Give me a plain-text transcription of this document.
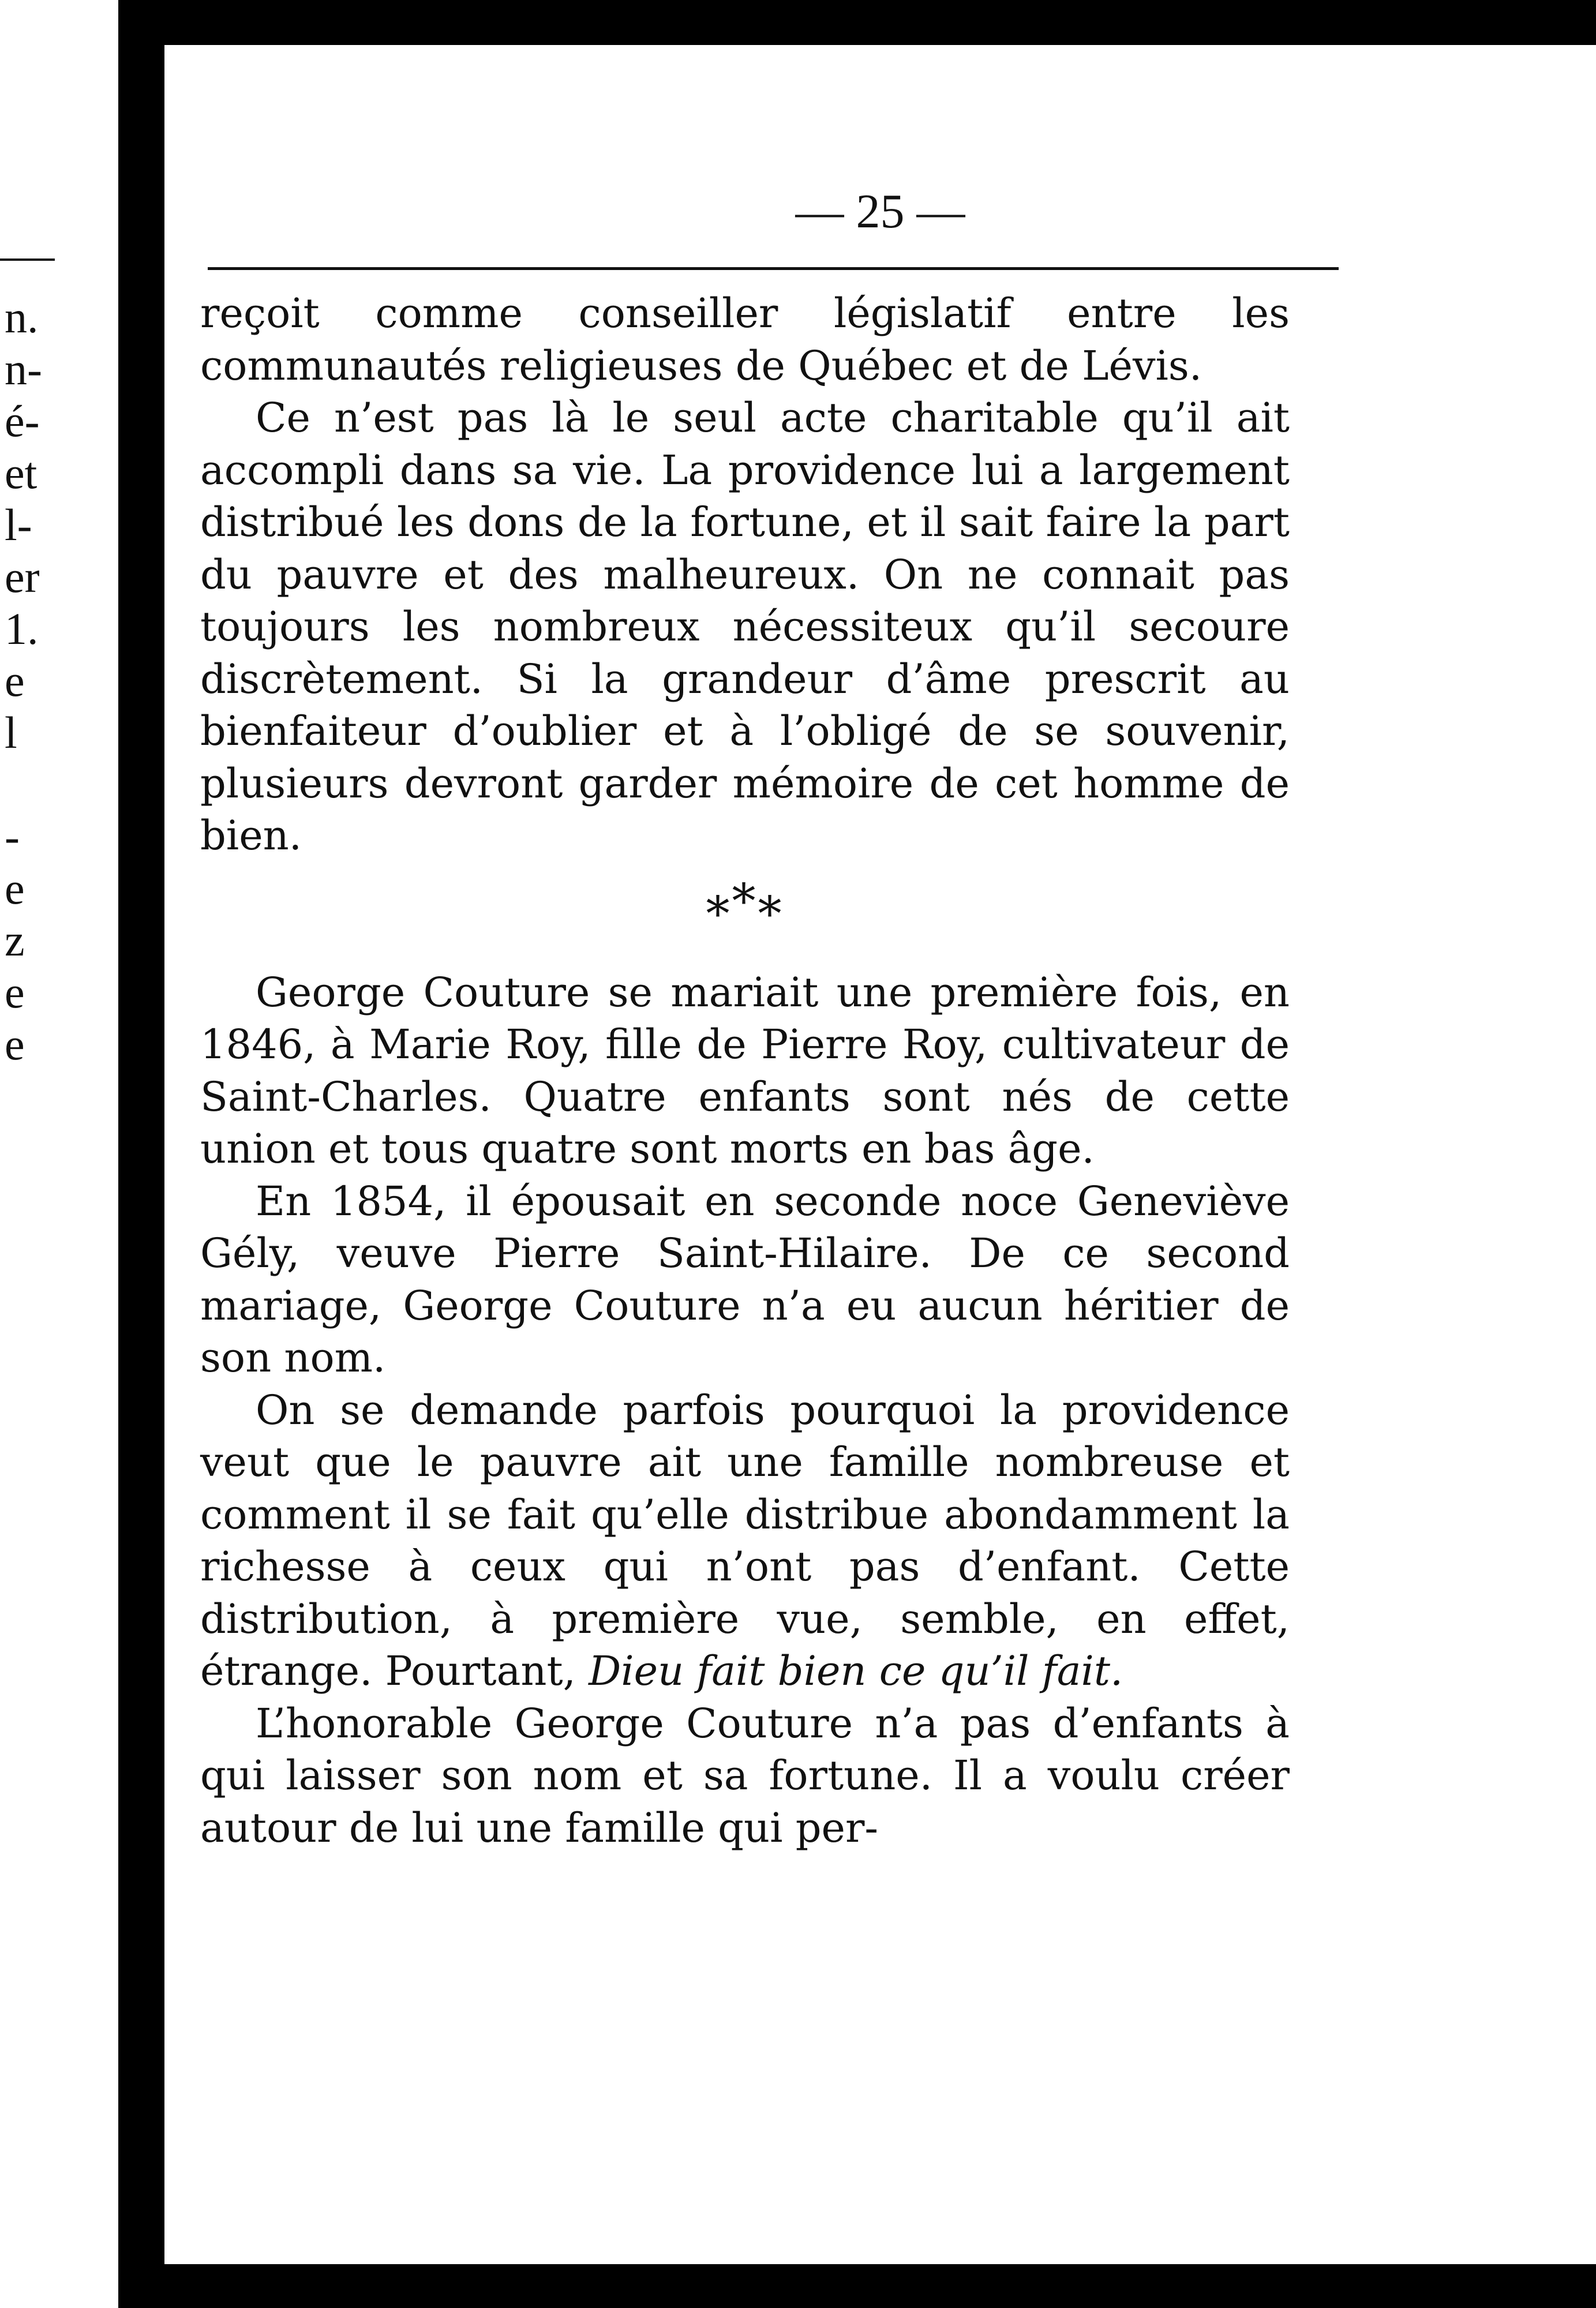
n.
n-
é-
et
l-
er
1.
e
l
-
e
z
e
e
— 25 —

reçoit comme conseiller législatif entre les communautés religieuses de Québec et de Lévis.

Ce n’est pas là le seul acte charitable qu’il ait accompli dans sa vie. La providence lui a largement distribué les dons de la fortune, et il sait faire la part du pauvre et des malheureux. On ne connait pas toujours les nombreux nécessiteux qu’il secoure discrètement. Si la grandeur d’âme prescrit au bienfaiteur d’oublier et à l’obligé de se souvenir, plusieurs devront garder mémoire de cet homme de bien.

***

George Couture se mariait une première fois, en 1846, à Marie Roy, fille de Pierre Roy, cultivateur de Saint-Charles. Quatre enfants sont nés de cette union et tous quatre sont morts en bas âge.

En 1854, il épousait en seconde noce Geneviève Gély, veuve Pierre Saint-Hilaire. De ce second mariage, George Couture n’a eu aucun héritier de son nom.

On se demande parfois pourquoi la providence veut que le pauvre ait une famille nombreuse et comment il se fait qu’elle distribue abondamment la richesse à ceux qui n’ont pas d’enfant. Cette distribution, à première vue, semble, en effet, étrange. Pourtant, Dieu fait bien ce qu’il fait.

L’honorable George Couture n’a pas d’enfants à qui laisser son nom et sa fortune. Il a voulu créer autour de lui une famille qui per-
